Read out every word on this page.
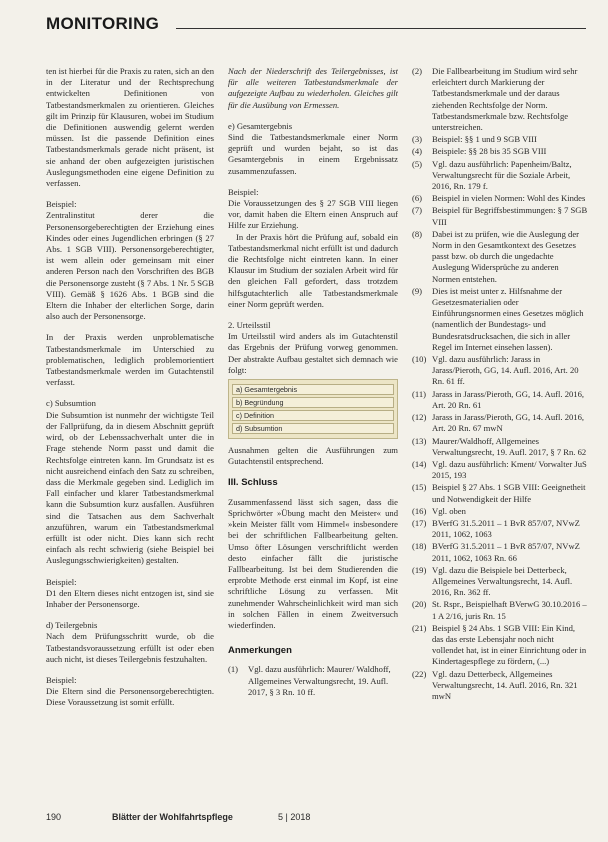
MONITORING

ten ist hierbei für die Praxis zu raten, sich an den in der Literatur und der Rechtsprechung entwickelten Definitionen von Tatbestandsmerkmalen zu orientieren. Gleiches gilt im Prinzip für Klausuren, wobei im Studium die Definitionen auswendig gelernt werden müssen. Ist die passende Definition eines Tatbestandsmerkmals gerade nicht präsent, ist sie anhand der oben aufgezeigten juristischen Auslegungsmethoden eine eigene Definition zu verfassen.

Beispiel:

Zentralinstitut derer die Personensorgeberechtigten der Erziehung eines Kindes oder eines Jugendlichen erbringen (§ 27 Abs. 1 SGB VIII). Personensorgeberechtigter, ist wem allein oder gemeinsam mit einer anderen Person nach den Vorschriften des BGB die Personensorge zusteht (§ 7 Abs. 1 Nr. 5 SGB VIII). Gemäß § 1626 Abs. 1 BGB sind die Eltern die Inhaber der elterlichen Sorge, darin also auch der Personensorge.

In der Praxis werden unproblematische Tatbestandsmerkmale im Unterschied zu problematischen, lediglich problemorientiert Tatbestandsmerkmale werden im Gutachtenstil verfasst.

c) Subsumtion

Die Subsumtion ist nunmehr der wichtigste Teil der Fallprüfung, da in diesem Abschnitt geprüft wird, ob der Lebenssachverhalt unter die in Frage stehende Norm passt und damit die Rechtsfolge eintreten kann. Im Grundsatz ist es nicht ausreichend einfach den Satz zu schreiben, dass die Merkmale gegeben sind. Lediglich im Fall einfacher und klarer Tatbestandsmerkmal kann die Subsumtion kurz ausfallen. Ausführen sind die Tatsachen aus dem Sachverhalt anzuführen, warum ein Tatbestandsmerkmal erfüllt ist oder nicht. Dies kann sich recht einfach als recht schwierig (siehe Beispiel bei Auslegungsschwierigkeiten) gestalten.

Beispiel:

D1 den Eltern dieses nicht entzogen ist, sind sie Inhaber der Personensorge.

d) Teilergebnis

Nach dem Prüfungsschritt wurde, ob die Tatbestandsvoraussetzung erfüllt ist oder eben auch nicht, ist dieses Teilergebnis festzuhalten.

Beispiel:

Die Eltern sind die Personensorgeberechtigten. Diese Voraussetzung ist somit erfüllt.

Nach der Niederschrift des Teilergebnisses, ist für alle weiteren Tatbestandsmerkmale der aufgezeigte Aufbau zu wiederholen. Gleiches gilt für die Ausübung von Ermessen.

e) Gesamtergebnis

Sind die Tatbestandsmerkmale einer Norm geprüft und wurden bejaht, so ist das Gesamtergebnis in einem Ergebnissatz zusammenzufassen.

Beispiel:

Die Voraussetzungen des § 27 SGB VIII liegen vor, damit haben die Eltern einen Anspruch auf Hilfe zur Erziehung.

In der Praxis hört die Prüfung auf, sobald ein Tatbestandsmerkmal nicht erfüllt ist und dadurch die Rechtsfolge nicht eintreten kann. In einer Klausur im Studium der sozialen Arbeit wird für den gleichen Fall gefordert, dass trotzdem hilfsgutachterlich alle Tatbestandsmerkmale einer Norm geprüft werden.

2. Urteilsstil

Im Urteilsstil wird anders als im Gutachtenstil das Ergebnis der Prüfung vorweg genommen. Der abstrakte Aufbau gestaltet sich demnach wie folgt:

a) Gesamtergebnis
b) Begründung
c) Definition
d) Subsumtion

Ausnahmen gelten die Ausführungen zum Gutachtenstil entsprechend.

III. Schluss

Zusammenfassend lässt sich sagen, dass die Sprichwörter »Übung macht den Meister« und »kein Meister fällt vom Himmel« insbesondere bei der schriftlichen Fallbearbeitung gelten. Umso öfter Lösungen verschriftlicht werden desto einfacher fällt die juristische Fallbearbeitung. Ist bei dem Studierenden die erprobte Methode erst einmal im Kopf, ist eine schriftliche Lösung zu verfassen. Mit zunehmender Wahrscheinlichkeit wird man sich in solchen Fällen in einem Zweitversuch wiederfinden.

Anmerkungen
(1)	Vgl. dazu ausführlich: Maurer/ Waldhoff, Allgemeines Verwaltungsrecht, 19. Aufl. 2017, § 3 Rn. 10 ff.
(2)	Die Fallbearbeitung im Studium wird sehr erleichtert durch Markierung der Tatbestandsmerkmale und der daraus ziehenden Rechtsfolge der Norm. Tatbestandsmerkmale bzw. Rechtsfolge unterstreichen.
(3)	Beispiel: §§ 1 und 9 SGB VIII
(4)	Beispiele: §§ 28 bis 35 SGB VIII
(5)	Vgl. dazu ausführlich: Papenheim/Baltz, Verwaltungsrecht für die Soziale Arbeit, 2016, Rn. 179 f.
(6)	Beispiel in vielen Normen: Wohl des Kindes
(7)	Beispiel für Begriffsbestimmungen: § 7 SGB VIII
(8)	Dabei ist zu prüfen, wie die Auslegung der Norm in den Gesamtkontext des Gesetzes passt bzw. ob durch die ungedachte Auslegung Widersprüche zu anderen Normen entstehen.
(9)	Dies ist meist unter z. Hilfsnahme der Gesetzesmaterialien oder Einführungsnormen eines Gesetzes möglich (namentlich der Bundestags- und Bundesratsdrucksachen, die sich in aller Regel im Internet einsehen lassen).
(10) Vgl. dazu ausführlich: Jarass in Jarass/Pieroth, GG, 14. Aufl. 2016, Art. 20 Rn. 61 ff.
(11) Jarass in Jarass/Pieroth, GG, 14. Aufl. 2016, Art. 20 Rn. 61
(12) Jarass in Jarass/Pieroth, GG, 14. Aufl. 2016, Art. 20 Rn. 67 mwN
(13) Maurer/Waldhoff, Allgemeines Verwaltungsrecht, 19. Aufl. 2017, § 7 Rn. 62
(14) Vgl. dazu ausführlich: Kment/ Vorwalter JuS 2015, 193
(15) Beispiel § 27 Abs. 1 SGB VIII: Geeignetheit und Notwendigkeit der Hilfe
(16) Vgl. oben
(17) BVerfG 31.5.2011 – 1 BvR 857/07, NVwZ 2011, 1062, 1063
(18) BVerfG 31.5.2011 – 1 BvR 857/07, NVwZ 2011, 1062, 1063 Rn. 66
(19) Vgl. dazu die Beispiele bei Detterbeck, Allgemeines Verwaltungsrecht, 14. Aufl. 2016, Rn. 362 ff.
(20) St. Rspr., Beispielhaft BVerwG 30.10.2016 – 1 A 2/16, juris Rn. 15
(21) Beispiel § 24 Abs. 1 SGB VIII: Ein Kind, das das erste Lebensjahr noch nicht vollendet hat, ist in einer Einrichtung oder in Kindertagespflege zu fördern, (...)
(22) Vgl. dazu Detterbeck, Allgemeines Verwaltungsrecht, 14. Aufl. 2016, Rn. 321 mwN
190	Blätter der Wohlfahrtspflege	5 | 2018
